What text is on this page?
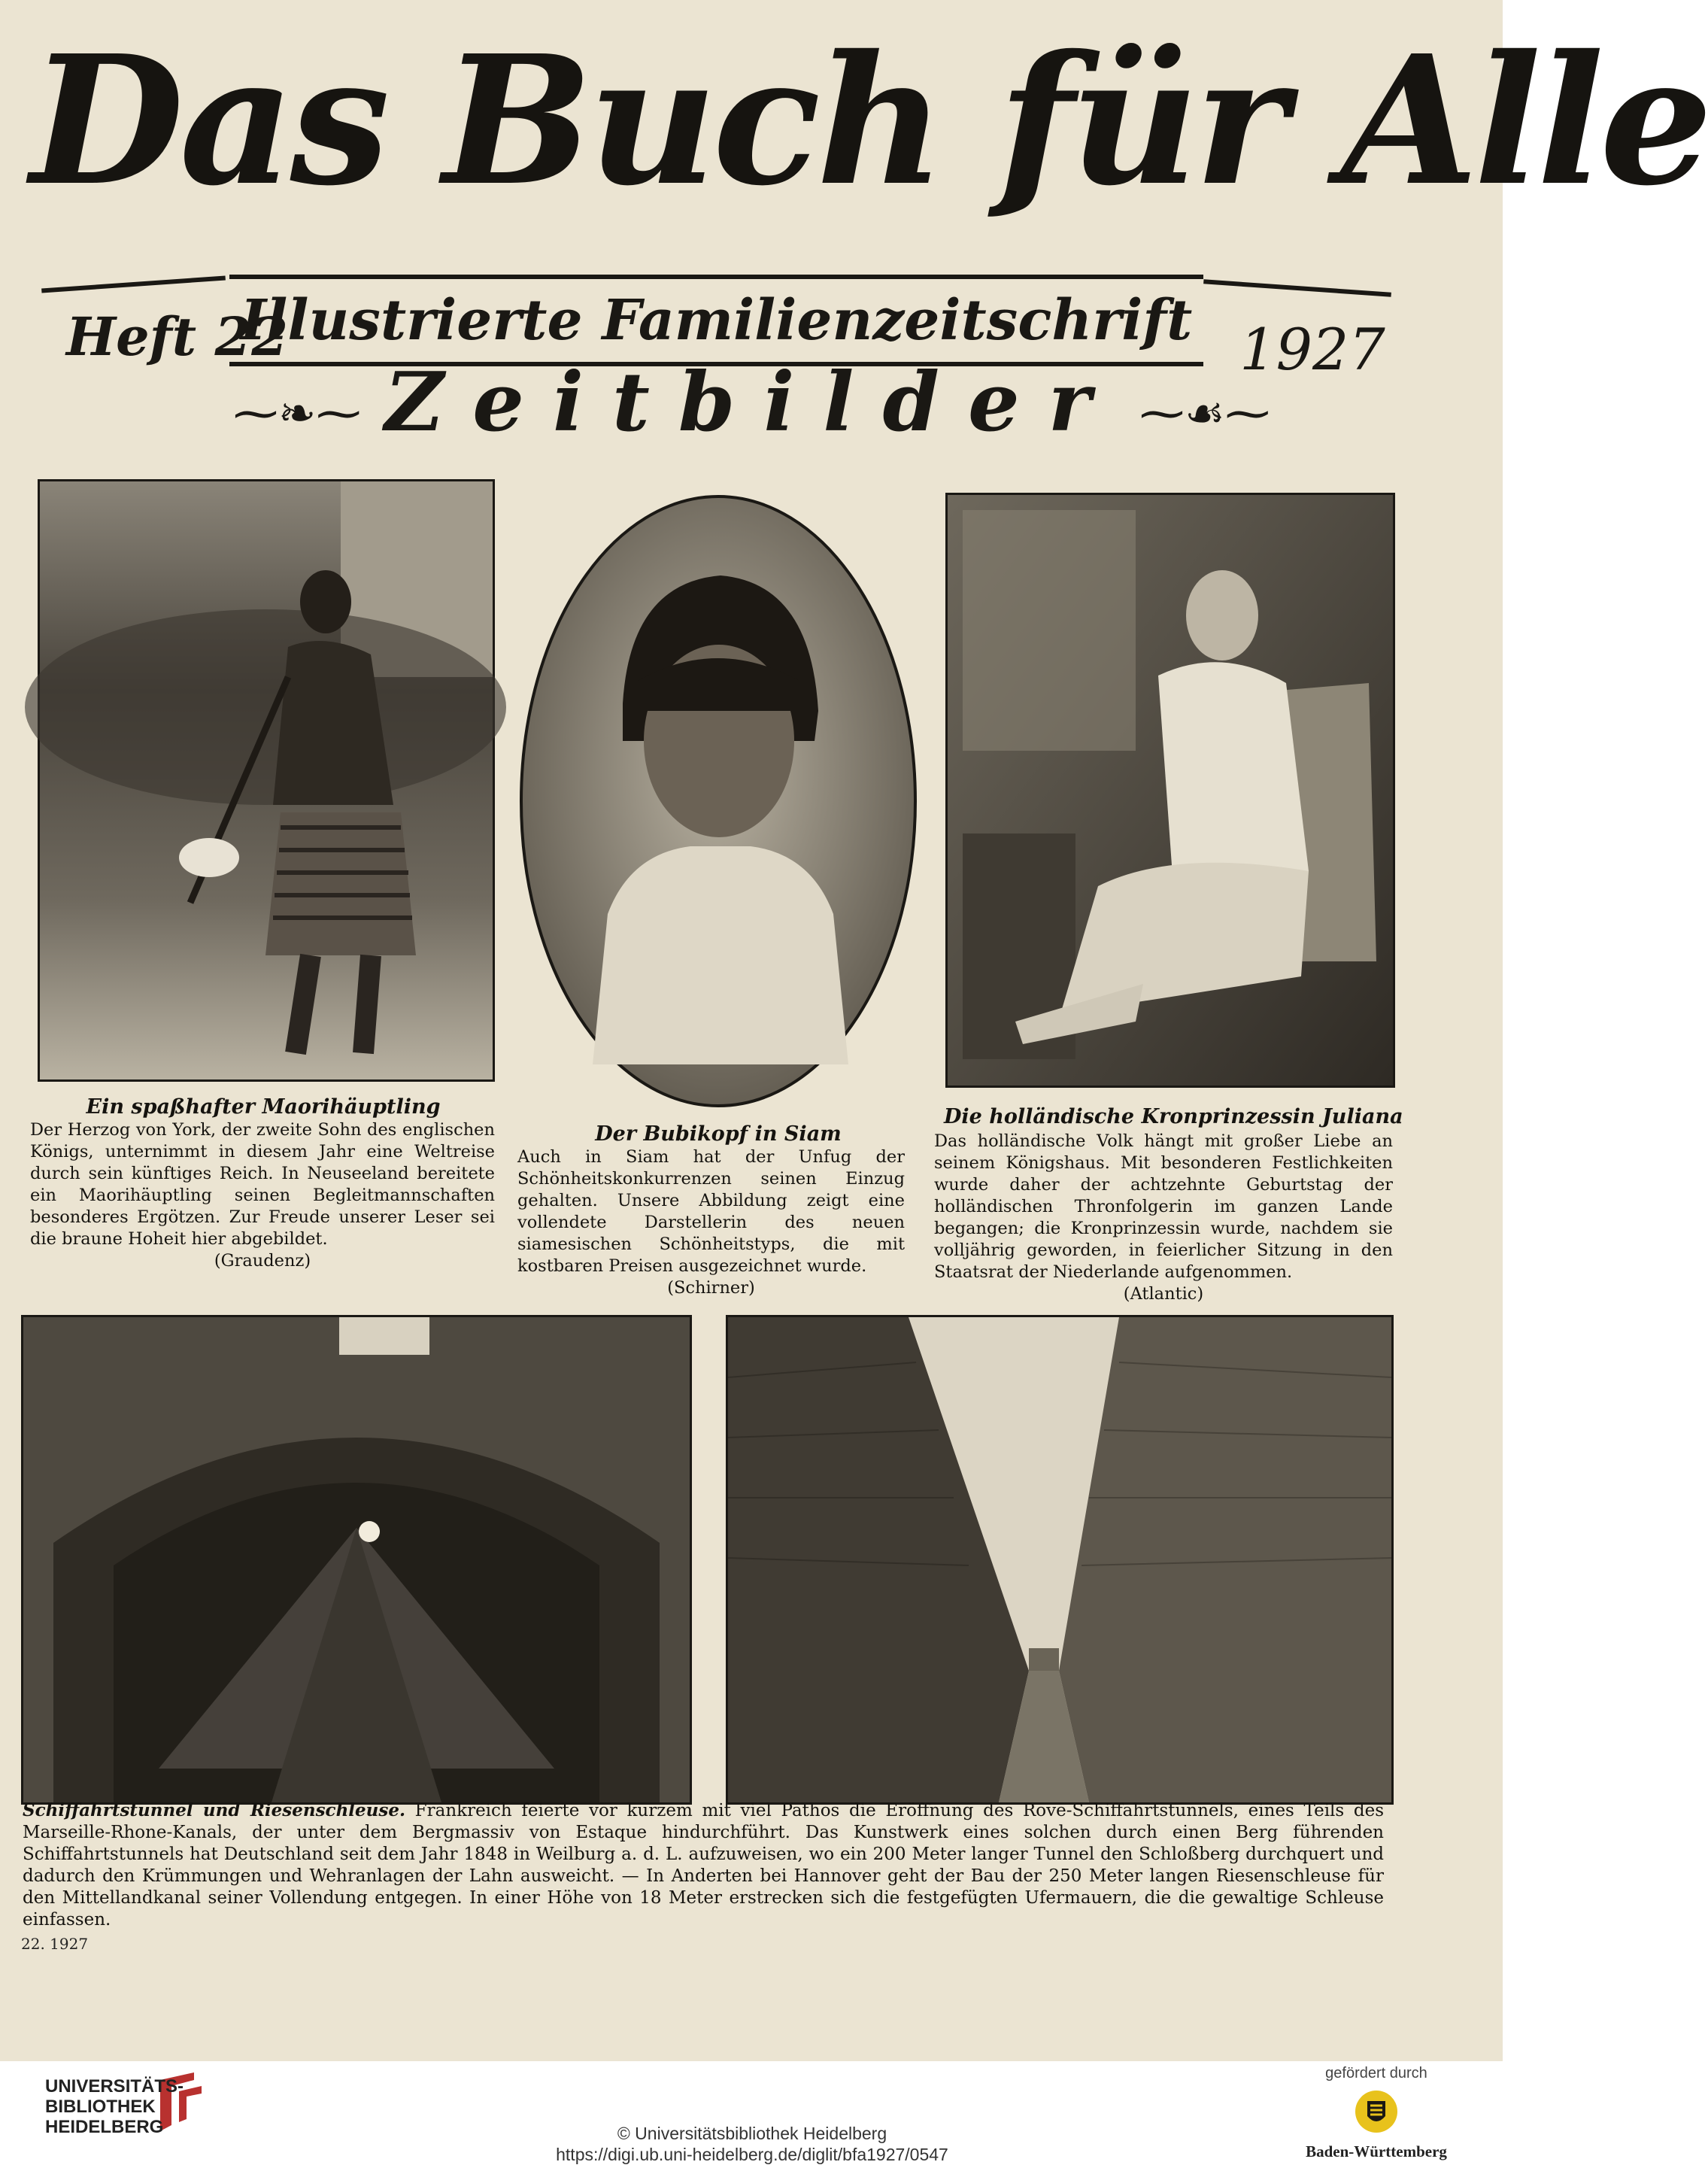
Das Buch für Alle
Heft 22
Illustrierte Familienzeitschrift 1927
⁓❧⁓ Zeitbilder ⁓☙⁓
Ein spaßhafter Maorihäuptling
Der Herzog von York, der zweite Sohn des englischen Königs, unternimmt in diesem Jahr eine Weltreise durch sein künftiges Reich. In Neuseeland bereitete ein Maorihäuptling seinen Begleitmannschaften besonderes Ergötzen. Zur Freude unserer Leser sei die braune Hoheit hier abgebildet.
(Graudenz)
Der Bubikopf in Siam
Auch in Siam hat der Unfug der Schönheitskonkurrenzen seinen Einzug gehalten. Unsere Abbildung zeigt eine vollendete Darstellerin des neuen siamesischen Schönheitstyps, die mit kostbaren Preisen ausgezeichnet wurde.
(Schirner)
Die holländische Kronprinzessin Juliana
Das holländische Volk hängt mit großer Liebe an seinem Königshaus. Mit besonderen Festlichkeiten wurde daher der achtzehnte Geburtstag der holländischen Thronfolgerin im ganzen Lande begangen; die Kronprinzessin wurde, nachdem sie volljährig geworden, in feierlicher Sitzung in den Staatsrat der Niederlande aufgenommen.
(Atlantic)
Schiffahrtstunnel und Riesenschleuse. Frankreich feierte vor kurzem mit viel Pathos die Eröffnung des Rove-Schiffahrtstunnels, eines Teils des Marseille-Rhone-Kanals, der unter dem Bergmassiv von Estaque hindurchführt. Das Kunstwerk eines solchen durch einen Berg führenden Schiffahrtstunnels hat Deutschland seit dem Jahr 1848 in Weilburg a. d. L. aufzuweisen, wo ein 200 Meter langer Tunnel den Schloßberg durchquert und dadurch den Krümmungen und Wehranlagen der Lahn ausweicht. — In Anderten bei Hannover geht der Bau der 250 Meter langen Riesenschleuse für den Mittellandkanal seiner Vollendung entgegen. In einer Höhe von 18 Meter erstrecken sich die festgefügten Ufermauern, die die gewaltige Schleuse einfassen.
22. 1927
UNIVERSITÄTS-
BIBLIOTHEK
HEIDELBERG	© Universitätsbibliothek Heidelberg
https://digi.ub.uni-heidelberg.de/diglit/bfa1927/0547
gefördert durch
Baden-Württemberg
